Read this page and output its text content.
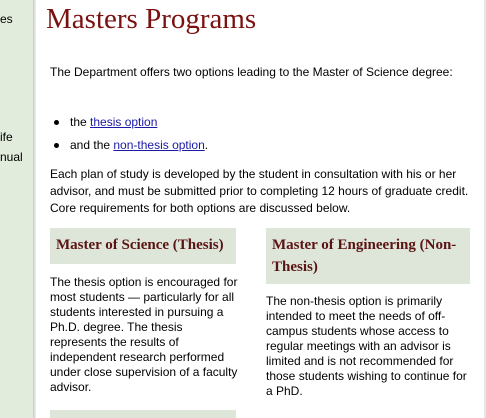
es
ife
nual
Masters Programs

The Department offers two options leading to the Master of Science degree:

the thesis option
and the non-thesis option.

Each plan of study is developed by the student in consultation with his or her advisor, and must be submitted prior to completing 12 hours of graduate credit. Core requirements for both options are discussed below.

Master of Science (Thesis)

The thesis option is encouraged for most students — particularly for all students interested in pursuing a Ph.D. degree. The thesis represents the results of independent research performed under close supervision of a faculty advisor.

Master of Engineering (Non-Thesis)

The non-thesis option is primarily intended to meet the needs of off-campus students whose access to regular meetings with an advisor is limited and is not recommended for those students wishing to continue for a PhD.
